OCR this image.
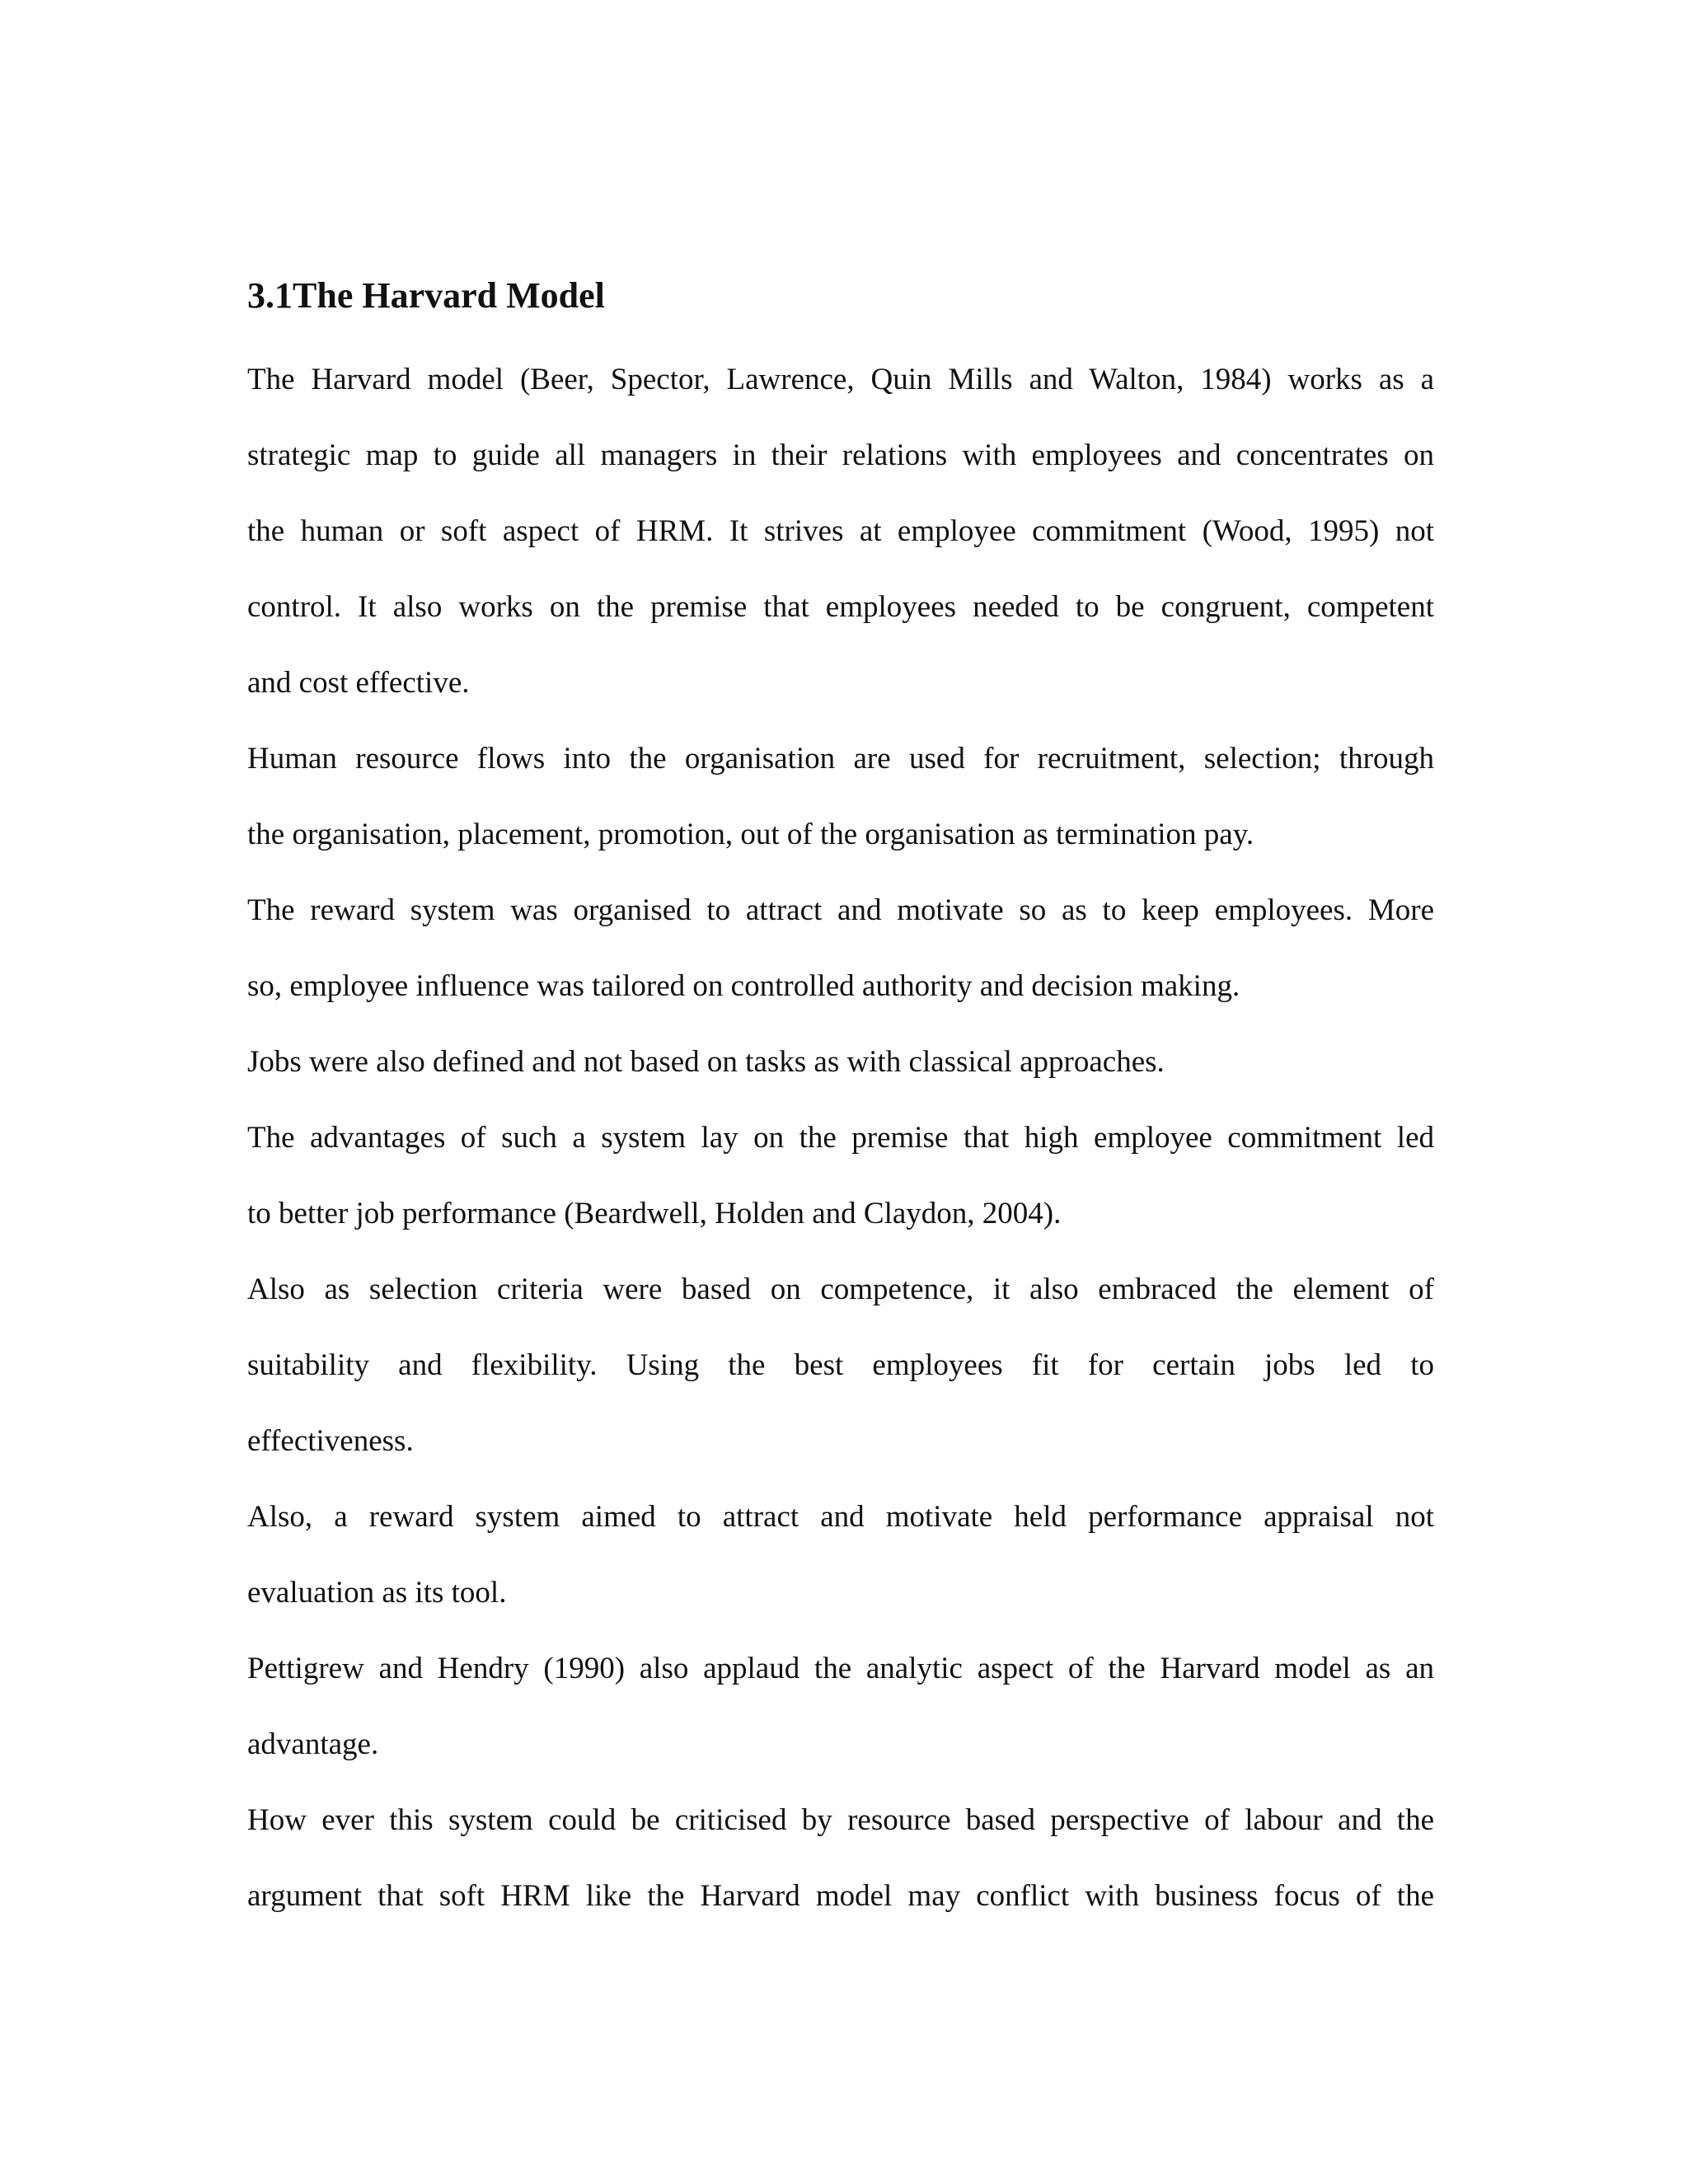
3.1The Harvard Model
The Harvard model (Beer, Spector, Lawrence, Quin Mills and Walton, 1984) works as a
strategic map to guide all managers in their relations with employees and concentrates on
the human or soft aspect of HRM. It strives at employee commitment (Wood, 1995) not
control. It also works on the premise that employees needed to be congruent, competent
and cost effective.
Human resource flows into the organisation are used for recruitment, selection; through
the organisation, placement, promotion, out of the organisation as termination pay.
The reward system was organised to attract and motivate so as to keep employees. More
so, employee influence was tailored on controlled authority and decision making.
Jobs were also defined and not based on tasks as with classical approaches.
The advantages of such a system lay on the premise that high employee commitment led
to better job performance (Beardwell, Holden and Claydon, 2004).
Also as selection criteria were based on competence, it also embraced the element of
suitability and flexibility. Using the best employees fit for certain jobs led to
effectiveness.
Also, a reward system aimed to attract and motivate held performance appraisal not
evaluation as its tool.
Pettigrew and Hendry (1990) also applaud the analytic aspect of the Harvard model as an
advantage.
How ever this system could be criticised by resource based perspective of labour and the
argument that soft HRM like the Harvard model may conflict with business focus of the
